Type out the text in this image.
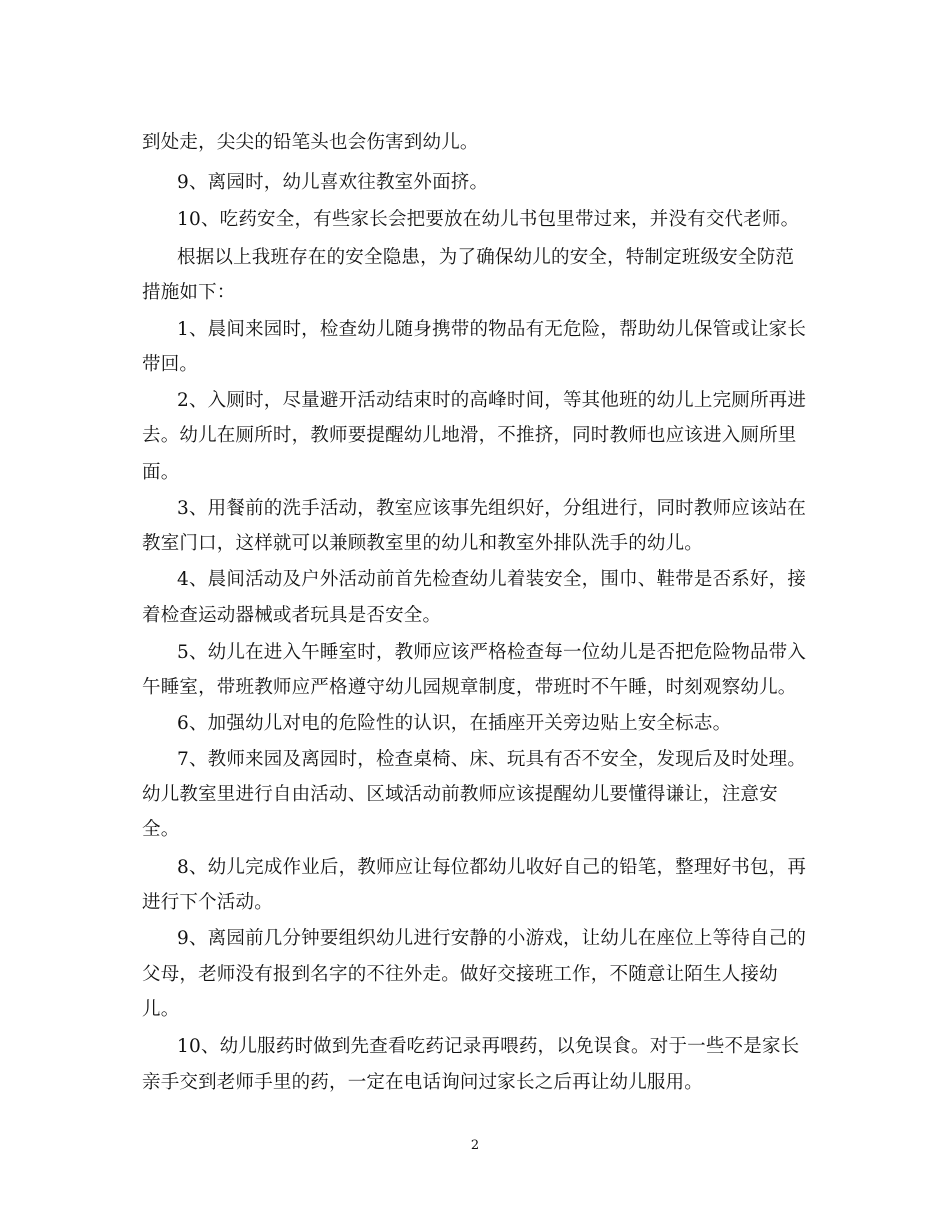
到处走，尖尖的铅笔头也会伤害到幼儿。
9、离园时，幼儿喜欢往教室外面挤。
10、吃药安全，有些家长会把要放在幼儿书包里带过来，并没有交代老师。
根据以上我班存在的安全隐患，为了确保幼儿的安全，特制定班级安全防范
措施如下：
1、晨间来园时，检查幼儿随身携带的物品有无危险，帮助幼儿保管或让家长
带回。
2、入厕时，尽量避开活动结束时的高峰时间，等其他班的幼儿上完厕所再进
去。幼儿在厕所时，教师要提醒幼儿地滑，不推挤，同时教师也应该进入厕所里
面。
3、用餐前的洗手活动，教室应该事先组织好，分组进行，同时教师应该站在
教室门口，这样就可以兼顾教室里的幼儿和教室外排队洗手的幼儿。
4、晨间活动及户外活动前首先检查幼儿着装安全，围巾、鞋带是否系好，接
着检查运动器械或者玩具是否安全。
5、幼儿在进入午睡室时，教师应该严格检查每一位幼儿是否把危险物品带入
午睡室，带班教师应严格遵守幼儿园规章制度，带班时不午睡，时刻观察幼儿。
6、加强幼儿对电的危险性的认识，在插座开关旁边贴上安全标志。
7、教师来园及离园时，检查桌椅、床、玩具有否不安全，发现后及时处理。
幼儿教室里进行自由活动、区域活动前教师应该提醒幼儿要懂得谦让，注意安
全。
8、幼儿完成作业后，教师应让每位都幼儿收好自己的铅笔，整理好书包，再
进行下个活动。
9、离园前几分钟要组织幼儿进行安静的小游戏，让幼儿在座位上等待自己的
父母，老师没有报到名字的不往外走。做好交接班工作，不随意让陌生人接幼
儿。
10、幼儿服药时做到先查看吃药记录再喂药，以免误食。对于一些不是家长
亲手交到老师手里的药，一定在电话询问过家长之后再让幼儿服用。
2
